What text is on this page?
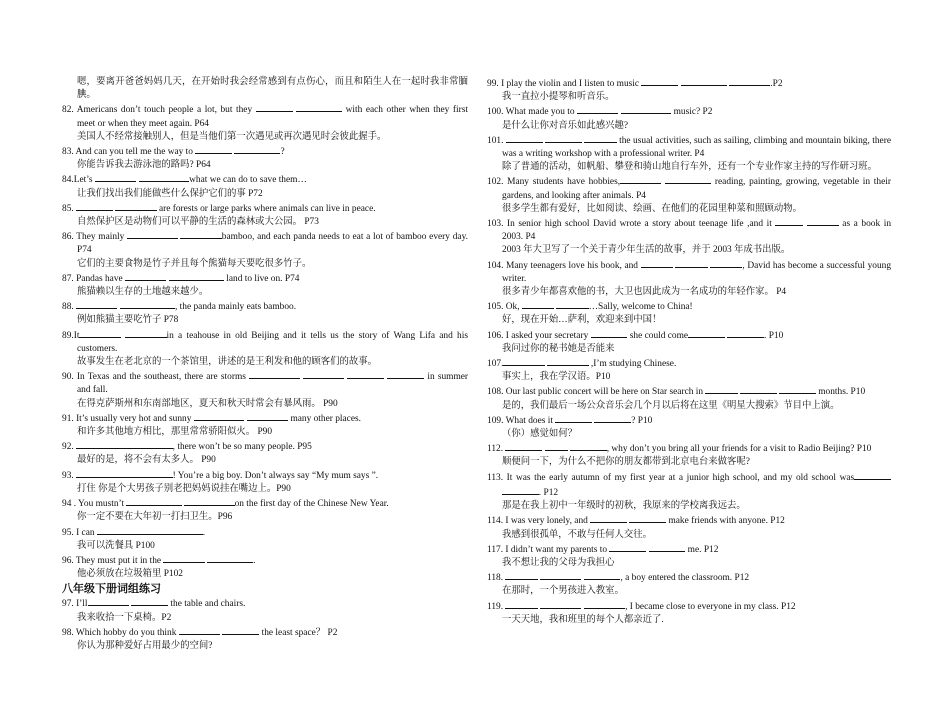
嗯，要离开爸爸妈妈几天，在开始时我会经常感到有点伤心，而且和陌生人在一起时我非常腼腆。

82. Americans don’t touch people a lot, but they	with each other when they first meet or when they meet again. P64

美国人不经常接触别人，但是当他们第一次遇见或再次遇见时会彼此握手。

83. And can you tell me the way to	?

你能告诉我去游泳池的路吗? P64

84.Let’s	what we can do to save them…

让我们找出我们能做些什么保护它们的事 P72

85.	are forests or large parks where animals can live in peace.

自然保护区是动物们可以平静的生活的森林或大公园。 P73

86. They mainly	bamboo, and each panda needs to eat a lot of bamboo every day. P74

它们的主要食物是竹子并且每个熊猫每天要吃很多竹子。

87. Pandas have	land to live on. P74

熊猫赖以生存的土地越来越少。

88.	, the panda mainly eats bamboo.

例如熊猫主要吃竹子 P78

89.It	in a teahouse in old Beijing and it tells us the story of Wang Lifa and his customers.

故事发生在老北京的一个茶馆里，讲述的是王利发和他的顾客们的故事。

90. In Texas and the southeast, there are storms	in summer and fall.

在得克萨斯州和东南部地区，夏天和秋天时常会有暴风雨。 P90

91. It’s usually very hot and sunny	many other places.

和许多其他地方相比，那里常常骄阳似火。 P90

92.	, there won’t be so many people. P95

最好的是，将不会有太多人。 P90

93.	! You’re a big boy. Don’t always say “My mum says ”.

打住 你是个大男孩子别老把妈妈说挂在嘴边上。P90

94 . You mustn’t	on the first day of the Chinese New Year.

你一定不要在大年初一打扫卫生。P96

95. I can	.

我可以洗餐具 P100

96. They must put it in the	.

他必须放在垃圾箱里 P102

八年级下册词组练习

97. I’ll	the table and chairs.

我来收拾一下桌椅。P2

98. Which hobby do you think	the least space？ P2

你认为那种爱好占用最少的空间?

99. I play the violin and I listen to music	.P2

我一直拉小提琴和听音乐。

100. What made you to	music? P2

是什么让你对音乐如此感兴趣?

101.	the usual activities, such as sailing, climbing and mountain biking, there was a writing workshop with a professional writer. P4

除了普通的活动，如帆船、攀登和骑山地自行车外，还有一个专业作家主持的写作研习班。

102. Many students have hobbies,	reading, painting, growing, vegetable in their gardens, and looking after animals. P4

很多学生都有爱好，比如阅读、绘画、在他们的花园里种菜和照顾动物。

103. In senior high school David wrote a story about teenage life ,and it	as a book in 2003. P4

2003 年大卫写了一个关于青少年生活的故事，并于 2003 年成书出版。

104. Many teenagers love his book, and	, David has become a successful young writer.

很多青少年都喜欢他的书，大卫也因此成为一名成功的年轻作家。 P4

105. Ok,	…Sally, welcome to China!

好，现在开始…萨利，欢迎来到中国！

106. I asked your secretary	she could come	. P10

我问过你的秘书她是否能来

107.	,I’m studying Chinese.

事实上，我在学汉语。P10

108. Our last public concert will be here on Star search in	months. P10

是的，我们最后一场公众音乐会几个月以后将在这里《明星大搜索》节目中上演。

109. What does it	? P10

（你）感觉如何？

112.	, why don’t you bring all your friends for a visit to Radio Beijing? P10

顺便问一下，为什么不把你的朋友都带到北京电台来做客呢?

113. It was the early autumn of my first year at a junior high school, and my old school was . P12

那是在我上初中一年级时的初秋，我原来的学校离我远去。

114. I was very lonely, and	make friends with anyone. P12

我感到很孤单，不敢与任何人交往。

117. I didn’t want my parents to	me. P12

我不想让我的父母为我担心

118.	, a boy entered the classroom. P12

在那时，一个男孩进入教室。

119.	, I became close to everyone in my class. P12

一天天地，我和班里的每个人都亲近了.
